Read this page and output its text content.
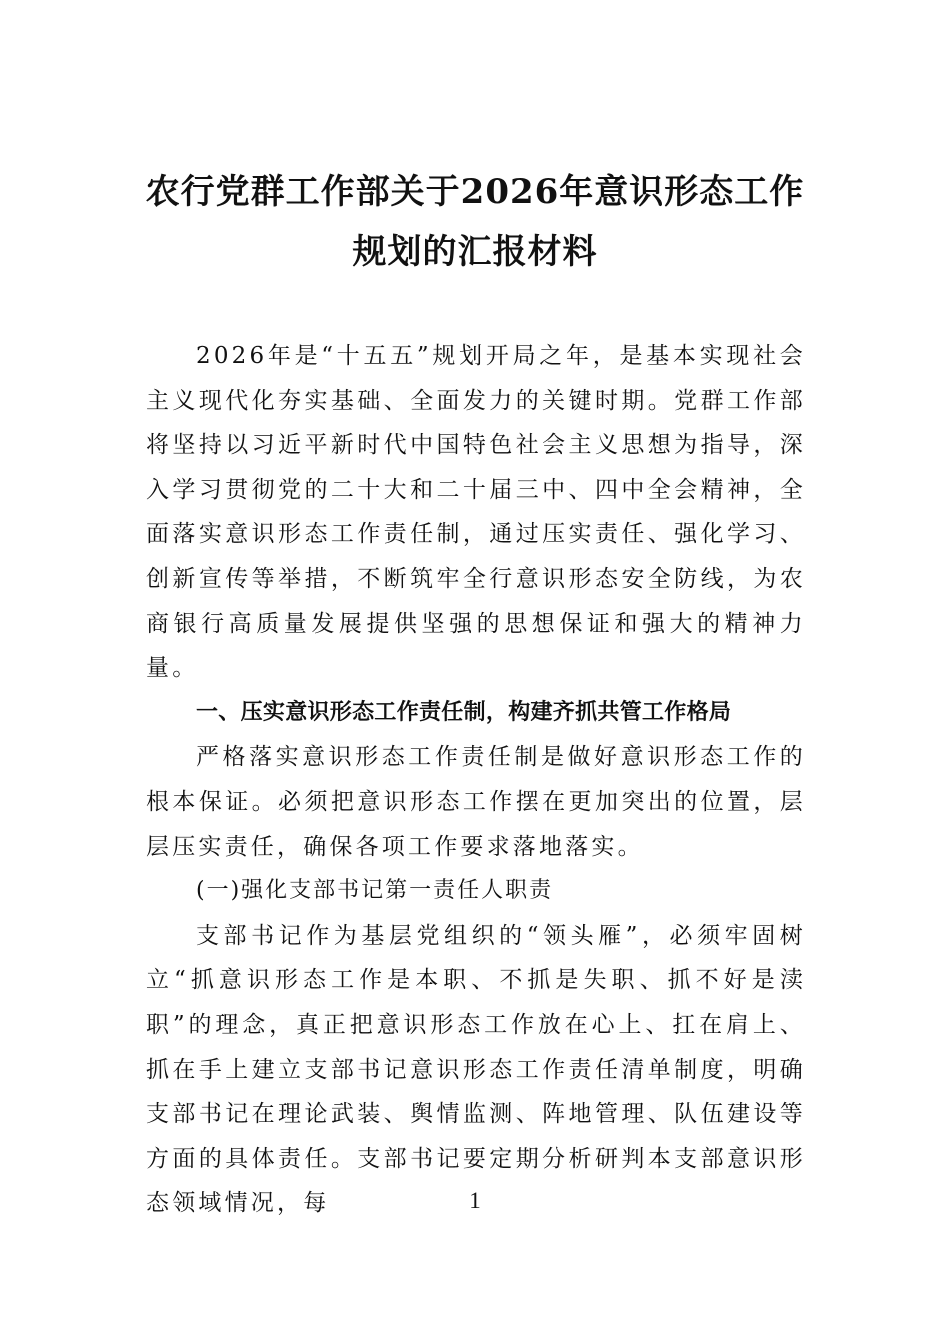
农行党群工作部关于2026年意识形态工作
规划的汇报材料

2026年是“十五五”规划开局之年，是基本实现社会主义现代化夯实基础、全面发力的关键时期。党群工作部将坚持以习近平新时代中国特色社会主义思想为指导，深入学习贯彻党的二十大和二十届三中、四中全会精神，全面落实意识形态工作责任制，通过压实责任、强化学习、创新宣传等举措，不断筑牢全行意识形态安全防线，为农商银行高质量发展提供坚强的思想保证和强大的精神力量。

一、压实意识形态工作责任制，构建齐抓共管工作格局

严格落实意识形态工作责任制是做好意识形态工作的根本保证。必须把意识形态工作摆在更加突出的位置，层层压实责任，确保各项工作要求落地落实。

(一)强化支部书记第一责任人职责

支部书记作为基层党组织的“领头雁”，必须牢固树立“抓意识形态工作是本职、不抓是失职、抓不好是渎职”的理念，真正把意识形态工作放在心上、扛在肩上、抓在手上建立支部书记意识形态工作责任清单制度，明确支部书记在理论武装、舆情监测、阵地管理、队伍建设等方面的具体责任。支部书记要定期分析研判本支部意识形态领域情况，每	1
